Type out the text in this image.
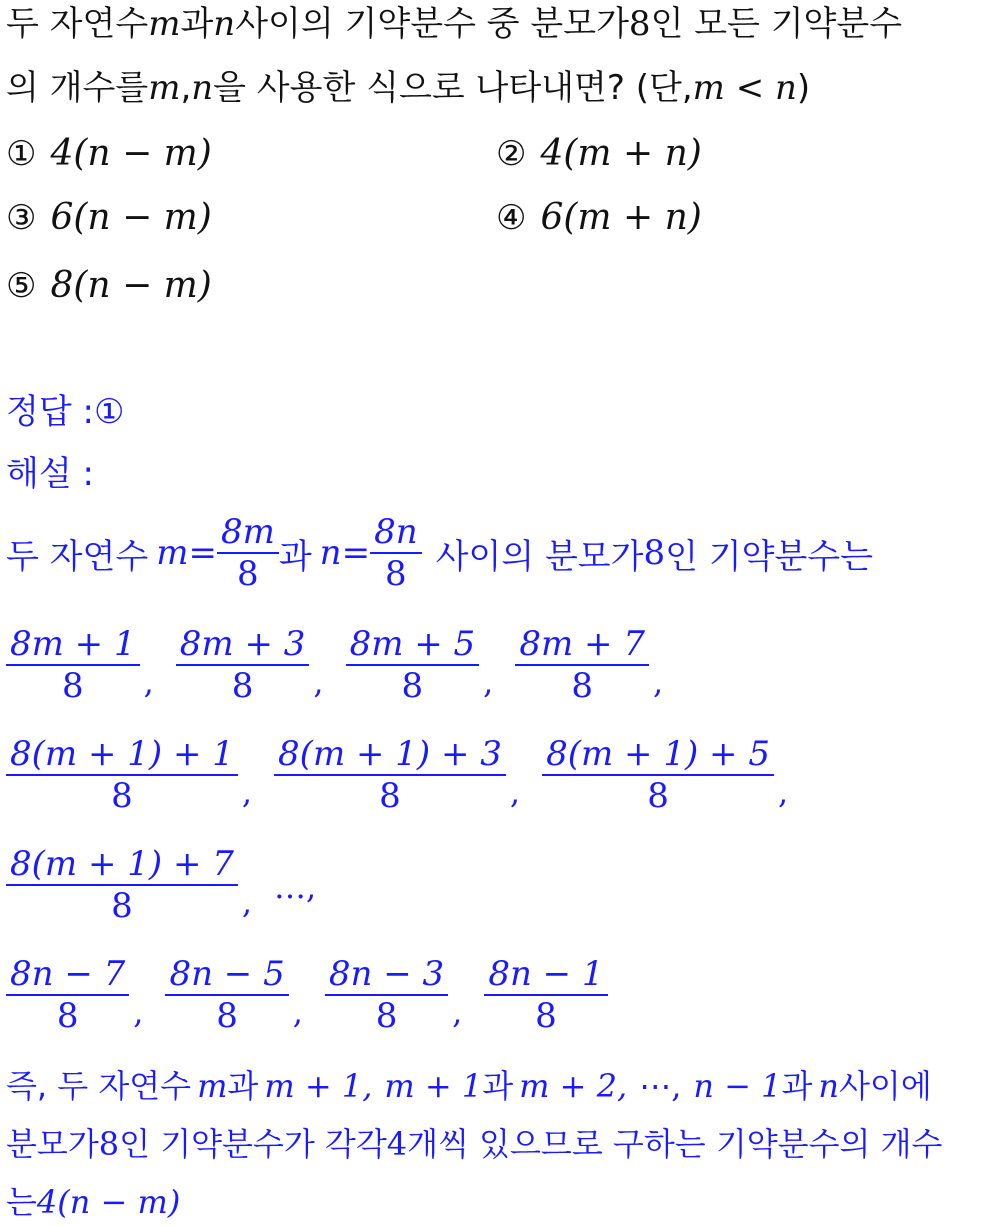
두 자연수 m 과 n 사이의 기약분수 중 분모가 8 인 모든 기약분수
의 개수를 m , n 을 사용한 식으로 나타내면? (단, m < n )
① 4(n − m)	② 4(m + n)
③ 6(n − m)	④ 6(m + n)
⑤ 8(n − m)
정답 : ①
해설 :
두 자연수 $m = \frac{8m}{8}$ 과 $n = \frac{8n}{8}$ 사이의 분모가 8 인 기약분수는
$\frac{8m + 1}{8}$ , $\frac{8m + 3}{8}$ , $\frac{8m + 5}{8}$ , $\frac{8m + 7}{8}$ ,
$\frac{8(m + 1) + 1}{8}$ , $\frac{8(m + 1) + 3}{8}$ , $\frac{8(m + 1) + 5}{8}$ ,
$\frac{8(m + 1) + 7}{8}$ , …,
$\frac{8n - 7}{8}$ , $\frac{8n - 5}{8}$ , $\frac{8n - 3}{8}$ , $\frac{8n - 1}{8}$
즉, 두 자연수 m 과 m + 1, m + 1 과 m + 2, ⋯, n − 1 과 n 사이에
분모가 8 인 기약분수가 각각 4 개씩 있으므로 구하는 기약분수의 개수
는 4(n − m)
